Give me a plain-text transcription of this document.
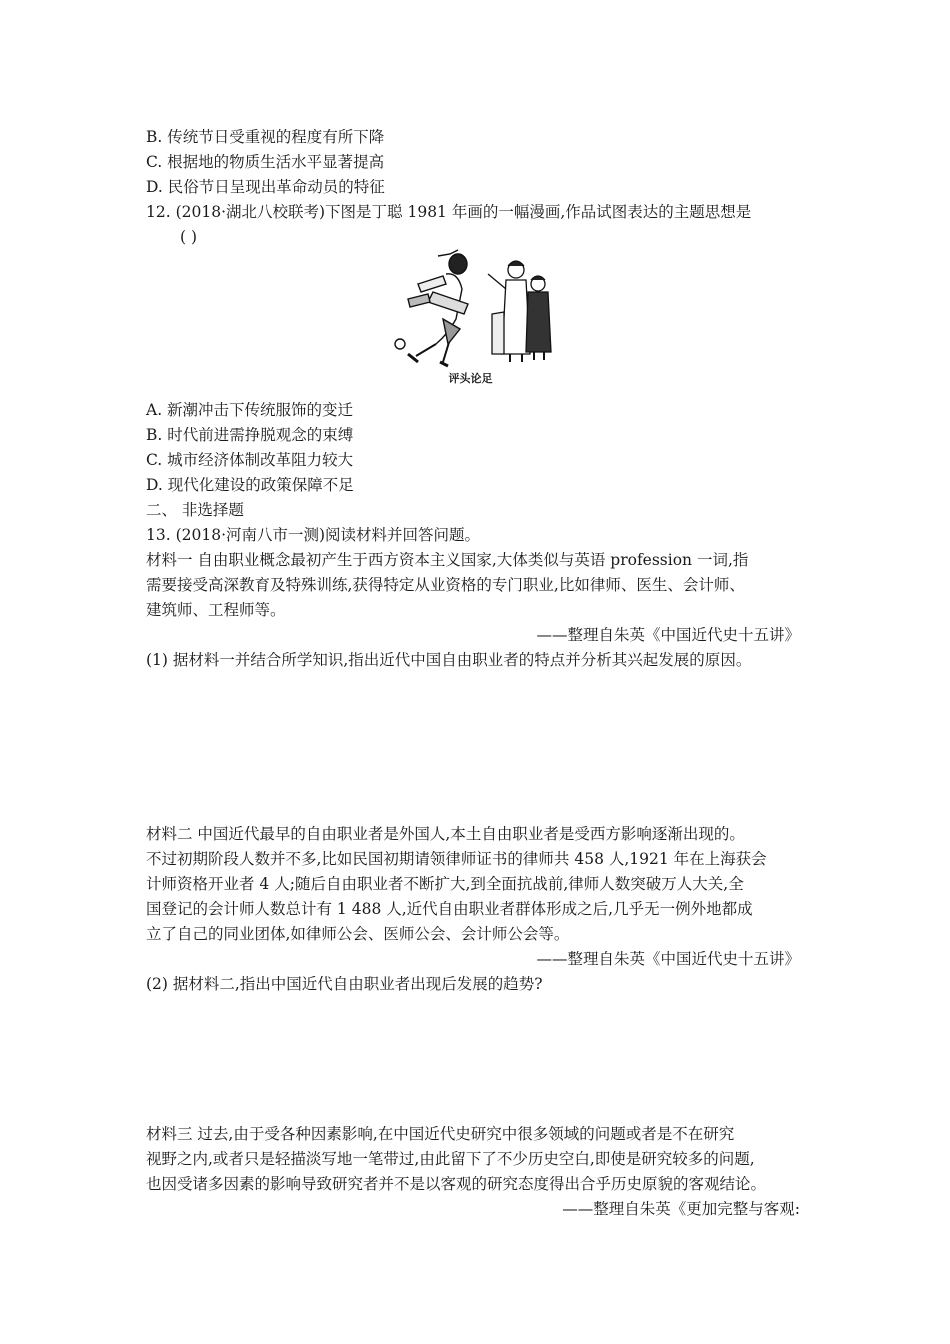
B. 传统节日受重视的程度有所下降
C. 根据地的物质生活水平显著提高
D. 民俗节日呈现出革命动员的特征
12. (2018·湖北八校联考)下图是丁聪 1981 年画的一幅漫画,作品试图表达的主题思想是
( )
评头论足
A. 新潮冲击下传统服饰的变迁
B. 时代前进需挣脱观念的束缚
C. 城市经济体制改革阻力较大
D. 现代化建设的政策保障不足
二、 非选择题
13. (2018·河南八市一测)阅读材料并回答问题。
材料一 自由职业概念最初产生于西方资本主义国家,大体类似与英语 profession 一词,指
需要接受高深教育及特殊训练,获得特定从业资格的专门职业,比如律师、医生、会计师、
建筑师、工程师等。
——整理自朱英《中国近代史十五讲》
(1) 据材料一并结合所学知识,指出近代中国自由职业者的特点并分析其兴起发展的原因。
材料二 中国近代最早的自由职业者是外国人,本土自由职业者是受西方影响逐渐出现的。
不过初期阶段人数并不多,比如民国初期请领律师证书的律师共 458 人,1921 年在上海获会
计师资格开业者 4 人;随后自由职业者不断扩大,到全面抗战前,律师人数突破万人大关,全
国登记的会计师人数总计有 1 488 人,近代自由职业者群体形成之后,几乎无一例外地都成
立了自己的同业团体,如律师公会、医师公会、会计师公会等。
——整理自朱英《中国近代史十五讲》
(2) 据材料二,指出中国近代自由职业者出现后发展的趋势?
材料三 过去,由于受各种因素影响,在中国近代史研究中很多领域的问题或者是不在研究
视野之内,或者只是轻描淡写地一笔带过,由此留下了不少历史空白,即使是研究较多的问题,
也因受诸多因素的影响导致研究者并不是以客观的研究态度得出合乎历史原貌的客观结论。
——整理自朱英《更加完整与客观:
